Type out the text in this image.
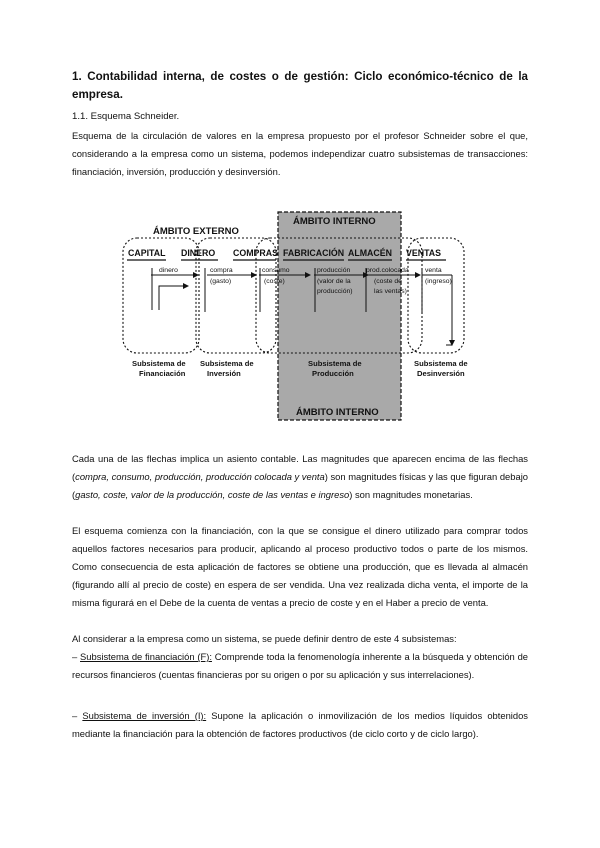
1. Contabilidad interna, de costes o de gestión: Ciclo económico-técnico de la empresa.
1.1. Esquema Schneider.

Esquema de la circulación de valores en la empresa propuesto por el profesor Schneider sobre el que, considerando a la empresa como un sistema, podemos independizar cuatro subsistemas de transacciones: financiación, inversión, producción y desinversión.

ÁMBITO EXTERNO
ÁMBITO INTERNO
ÁMBITO INTERNO
CAPITAL DINERO COMPRAS FABRICACIÓN ALMACÉN VENTAS
dinero	compra
(gasto)
consumo
(coste)
producción
(valor de la
producción)
prod.colocada
(coste de
las ventas)
venta
(ingreso)
Subsistema de
Financiación
Subsistema de
Inversión
Subsistema de
Producción
Subsistema de
Desinversión

Cada una de las flechas implica un asiento contable. Las magnitudes que aparecen encima de las flechas (compra, consumo, producción, producción colocada y venta) son magnitudes físicas y las que figuran debajo (gasto, coste, valor de la producción, coste de las ventas e ingreso) son magnitudes monetarias.

El esquema comienza con la financiación, con la que se consigue el dinero utilizado para comprar todos aquellos factores necesarios para producir, aplicando al proceso productivo todos o parte de los mismos. Como consecuencia de esta aplicación de factores se obtiene una producción, que es llevada al almacén (figurando allí al precio de coste) en espera de ser vendida. Una vez realizada dicha venta, el importe de la misma figurará en el Debe de la cuenta de ventas a precio de coste y en el Haber a precio de venta.

Al considerar a la empresa como un sistema, se puede definir dentro de este 4 subsistemas:

– Subsistema de financiación (F): Comprende toda la fenomenología inherente a la búsqueda y obtención de recursos financieros (cuentas financieras por su origen o por su aplicación y sus interrelaciones).

– Subsistema de inversión (I): Supone la aplicación o inmovilización de los medios líquidos obtenidos mediante la financiación para la obtención de factores productivos (de ciclo corto y de ciclo largo).
